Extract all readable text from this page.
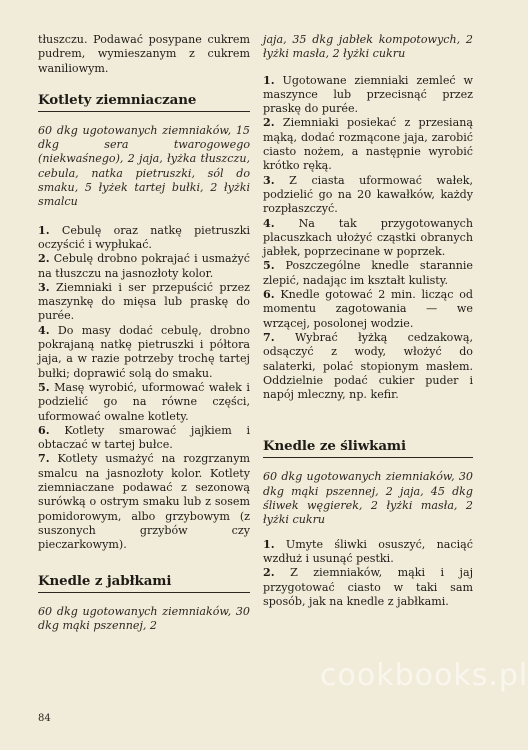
tłuszczu. Podawać posypane cukrem pudrem, wymieszanym z cukrem waniliowym.

Kotlety ziemniaczane

60 dkg ugotowanych ziemniaków, 15 dkg sera twarogowego (niekwaśnego), 2 jaja, łyżka tłuszczu, cebula, natka pietruszki, sól do smaku, 5 łyżek tartej bułki, 2 łyżki smalcu

1. Cebulę oraz natkę pietruszki oczyścić i wypłukać.

2. Cebulę drobno pokrajać i usmażyć na tłuszczu na jasnozłoty kolor.

3. Ziemniaki i ser przepuścić przez maszynkę do mięsa lub praskę do purée.

4. Do masy dodać cebulę, drobno pokrajaną natkę pietruszki i półtora jaja, a w razie potrzeby trochę tartej bułki; doprawić solą do smaku.

5. Masę wyrobić, uformować wałek i podzielić go na równe części, uformować owalne kotlety.

6. Kotlety smarować jajkiem i obtaczać w tartej bułce.

7. Kotlety usmażyć na rozgrzanym smalcu na jasnozłoty kolor. Kotlety ziemniaczane podawać z sezonową surówką o ostrym smaku lub z sosem pomidorowym, albo grzybowym (z suszonych grzybów czy pieczarkowym).

Knedle z jabłkami

60 dkg ugotowanych ziemniaków, 30 dkg mąki pszennej, 2

jaja, 35 dkg jabłek kompotowych, 2 łyżki masła, 2 łyżki cukru

1. Ugotowane ziemniaki zemleć w maszynce lub przecisnąć przez praskę do purée.

2. Ziemniaki posiekać z przesianą mąką, dodać rozmącone jaja, zarobić ciasto nożem, a następnie wyrobić krótko ręką.

3. Z ciasta uformować wałek, podzielić go na 20 kawałków, każdy rozpłaszczyć.

4. Na tak przygotowanych placuszkach ułożyć cząstki obranych jabłek, poprzecinane w poprzek.

5. Poszczególne knedle starannie zlepić, nadając im kształt kulisty.

6. Knedle gotować 2 min. licząc od momentu zagotowania — we wrzącej, posolonej wodzie.

7. Wybrać łyżką cedzakową, odsączyć z wody, włożyć do salaterki, polać stopionym masłem. Oddzielnie podać cukier puder i napój mleczny, np. kefir.

Knedle ze śliwkami

60 dkg ugotowanych ziemniaków, 30 dkg mąki pszennej, 2 jaja, 45 dkg śliwek węgierek, 2 łyżki masła, 2 łyżki cukru

1. Umyte śliwki osuszyć, naciąć wzdłuż i usunąć pestki.

2. Z ziemniaków, mąki i jaj przygotować ciasto w taki sam sposób, jak na knedle z jabłkami.

84
cookbooks.pl
